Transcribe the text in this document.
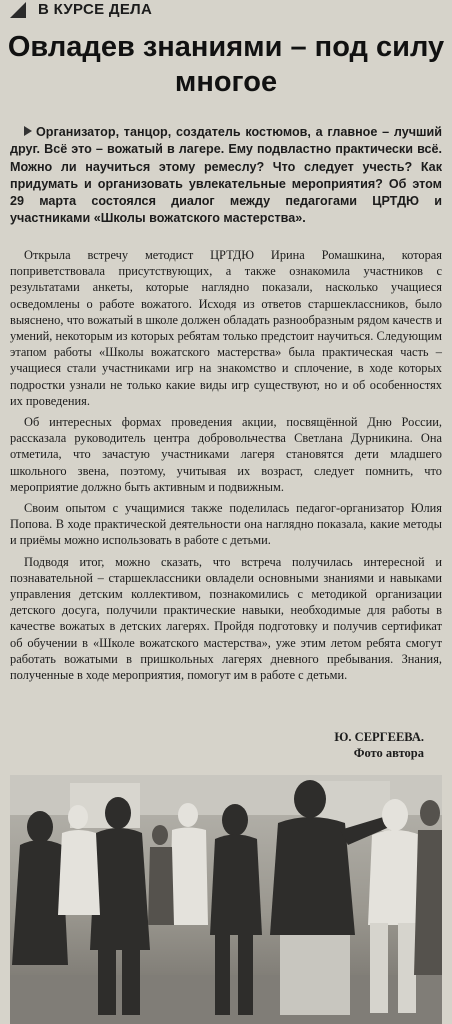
В КУРСЕ ДЕЛА
Овладев знаниями – под силу многое

Организатор, танцор, создатель костюмов, а главное – лучший друг. Всё это – вожатый в лагере. Ему подвластно практически всё. Можно ли научиться этому ремеслу? Что следует учесть? Как придумать и организовать увлекательные мероприятия? Об этом 29 марта состоялся диалог между педагогами ЦРТДЮ и участниками «Школы вожатского мастерства».

Открыла встречу методист ЦРТДЮ Ирина Ромашкина, которая поприветствовала присутствующих, а также ознакомила участников с результатами анкеты, которые наглядно показали, насколько учащиеся осведомлены о работе вожатого. Исходя из ответов старшеклассников, было выяснено, что вожатый в школе должен обладать разнообразным рядом качеств и умений, некоторым из которых ребятам только предстоит научиться. Следующим этапом работы «Школы вожатского мастерства» была практическая часть – учащиеся стали участниками игр на знакомство и сплочение, в ходе которых подростки узнали не только какие виды игр существуют, но и об особенностях их проведения.

Об интересных формах проведения акции, посвящённой Дню России, рассказала руководитель центра добровольчества Светлана Дурникина. Она отметила, что зачастую участниками лагеря становятся дети младшего школьного звена, поэтому, учитывая их возраст, следует помнить, что мероприятие должно быть активным и подвижным.

Своим опытом с учащимися также поделилась педагог-организатор Юлия Попова. В ходе практической деятельности она наглядно показала, какие методы и приёмы можно использовать в работе с детьми.

Подводя итог, можно сказать, что встреча получилась интересной и познавательной – старшеклассники овладели основными знаниями и навыками управления детским коллективом, познакомились с методикой организации детского досуга, получили практические навыки, необходимые для работы в качестве вожатых в детских лагерях. Пройдя подготовку и получив сертификат об обучении в «Школе вожатского мастерства», уже этим летом ребята смогут работать вожатыми в пришкольных лагерях дневного пребывания. Знания, полученные в ходе мероприятия, помогут им в работе с детьми.

Ю. СЕРГЕЕВА.
Фото автора
